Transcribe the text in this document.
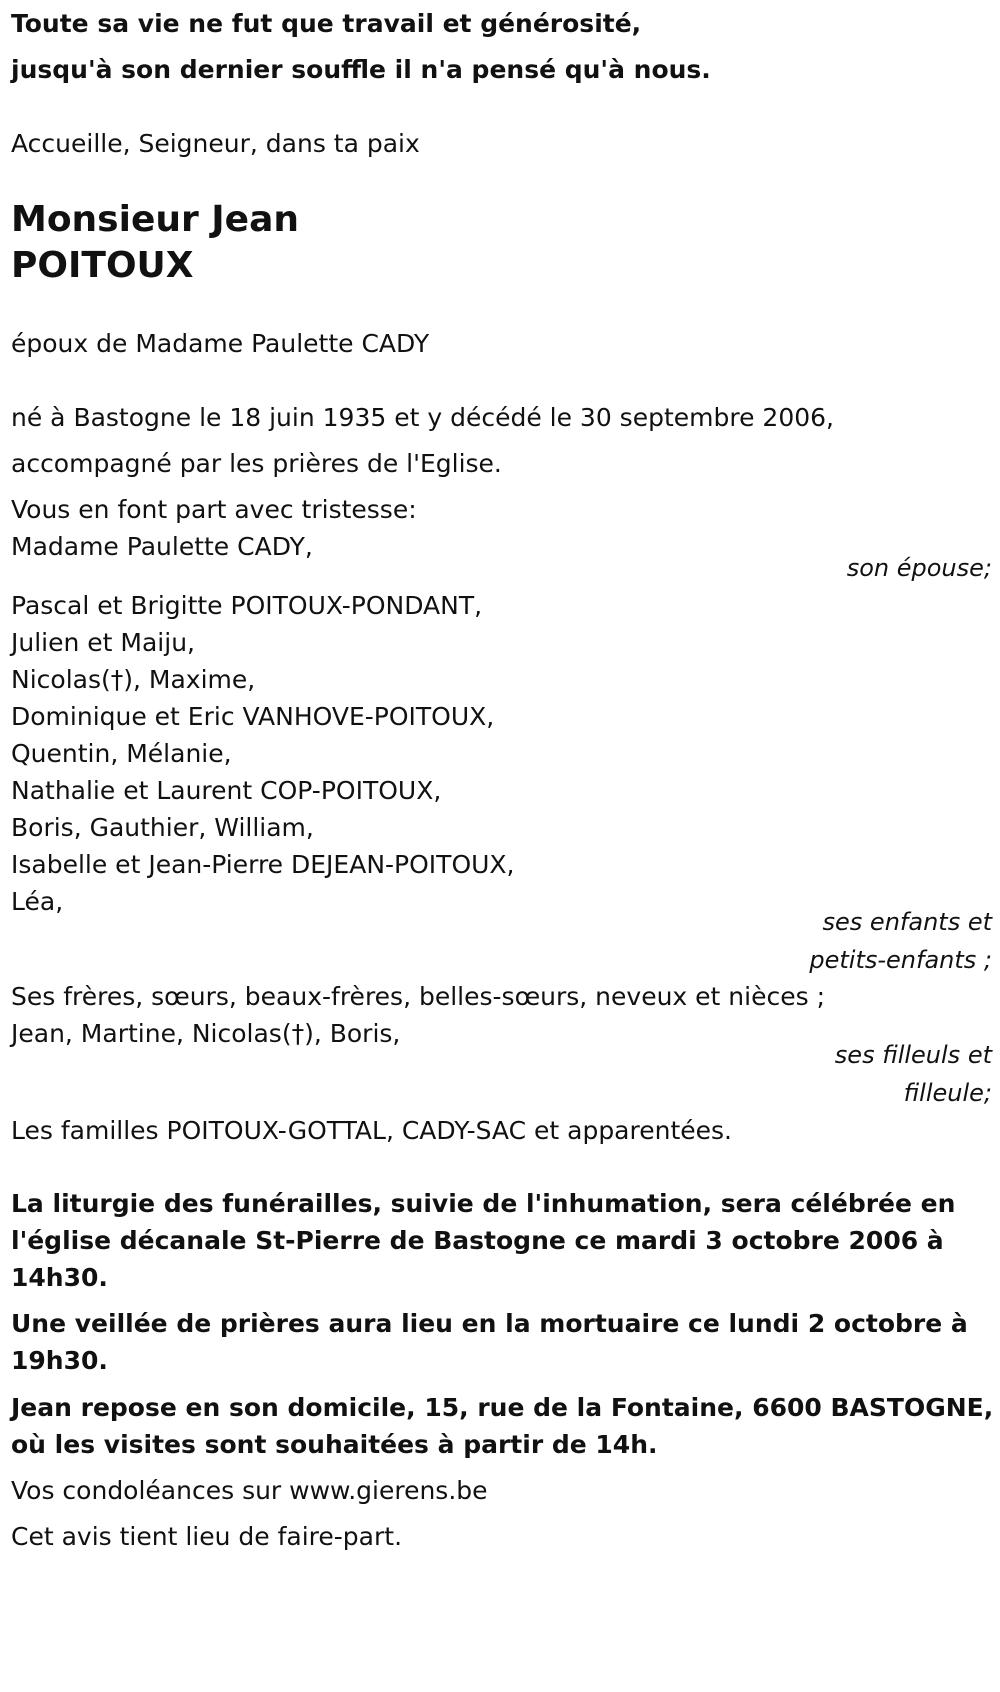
Toute sa vie ne fut que travail et générosité,
jusqu'à son dernier souffle il n'a pensé qu'à nous.
Accueille, Seigneur, dans ta paix
Monsieur Jean
POITOUX
époux de Madame Paulette CADY
né à Bastogne le 18 juin 1935 et y décédé le 30 septembre 2006,
accompagné par les prières de l'Eglise.
Vous en font part avec tristesse:
Madame Paulette CADY,
son épouse;
Pascal et Brigitte POITOUX-PONDANT,
Julien et Maiju,
Nicolas(†), Maxime,
Dominique et Eric VANHOVE-POITOUX,
Quentin, Mélanie,
Nathalie et Laurent COP-POITOUX,
Boris, Gauthier, William,
Isabelle et Jean-Pierre DEJEAN-POITOUX,
Léa,
ses enfants et
petits-enfants ;
Ses frères, sœurs, beaux-frères, belles-sœurs, neveux et nièces ;
Jean, Martine, Nicolas(†), Boris,
ses filleuls et
filleule;
Les familles POITOUX-GOTTAL, CADY-SAC et apparentées.
La liturgie des funérailles, suivie de l'inhumation, sera célébrée en
l'église décanale St-Pierre de Bastogne ce mardi 3 octobre 2006 à
14h30.
Une veillée de prières aura lieu en la mortuaire ce lundi 2 octobre à
19h30.
Jean repose en son domicile, 15, rue de la Fontaine, 6600 BASTOGNE,
où les visites sont souhaitées à partir de 14h.
Vos condoléances sur www.gierens.be
Cet avis tient lieu de faire-part.
